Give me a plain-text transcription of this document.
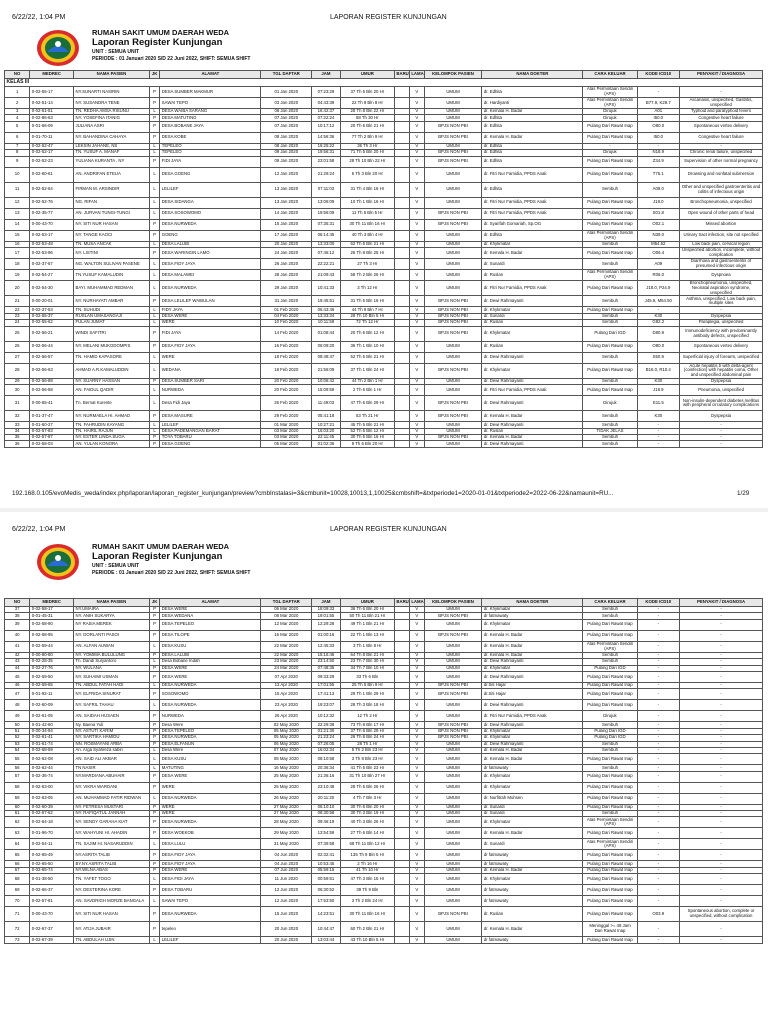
6/22/22, 1:04 PM	LAPORAN REGISTER KUNJUNGAN
RUMAH SAKIT UMUM DAERAH WEDA
Laporan Register Kunjungan
UNIT : SEMUA UNIT
PERIODE : 01 Januari 2020 S/D 22 Juni 2022, SHIFT: SEMUA SHIFT
NO	MEDREC	NAMA PASIEN	JK	ALAMAT	TGL DAFTAR	JAM	UMUR	BARU	LAMA	KELOMPOK PASIEN	NAMA DOKTER	CARA KELUAR	KODE ICD10	PENYAKIT / DIAGNOSA
KELAS III														
1	0-02-55-17	NY.SUNARTI NASIRIN	P	DESA SUMBER MAKMUR	01 Jan 2020	07:23:29	37 Th 6 Bln 20 Hr		V	UMUM	dr. Edhita	Atas Permintaan Sendiri (APS)	-	-
2	0-02-51-14	NY. SUSANDRA TENE	P	SAWAI TEPO	03 Jan 2020	04:43:39	22 Th 9 Bln 8 Hr		V	UMUM	dr. Hardiyanti	Atas Permintaan Sendiri (APS)	B77.9, K29.7	Ascariasis, unspecified, Gastritis, unspecified
3	0-02-51-51	TN. REDHA AMSA RISUNU	L	DESA WAIBA SARANG	06 Jan 2020	16:42:37	28 Th 8 Bln 22 Hr		V	UMUM	dr. Kemala H. Badar	Dirujuk	A01	Typhoid and paratyphoid fevers
4	0-02-86-63	NY. YOSEFINA ITANIG	P	DESA MATUTING	07 Jan 2020	07:22:24	58 Th 30 Hr		V	UMUM	dr. Edhita	Dirujuk	I50.0	Congestive heart failure
5	0-01-66-09	JULIANA ASRI	P	DESA BOBANE JAYA	07 Jan 2020	10:17:12	20 Th 6 Bln 21 Hr		V	BPJS NON PBI	dr. Edhita	Pulang Dari Rawat Inap	O80.0	Spontaneous vertex delivery
6	0-01-70-11	NY. BAHANDINA CAHAYA	P	DESA KOBE	08 Jan 2020	14:56:36	77 Th 2 Bln 9 Hr		V	BPJS NON PBI	dr. Kemala H. Badar	Pulang Dari Rawat Inap	I50.0	Congestive heart failure
7	0-02-52-47	LEKSIN JAHANE, NS	L	TEPELEO	08 Jan 2020	16:25:22	36 Th 3 Hr		V	UMUM	dr. Edhita	-	-	-
8	0-02-52-17	TN. YUSUF A. MANAF	L	TEPELEO	09 Jan 2020	19:56:31	71 Th 5 Bln 20 Hr		V	BPJS NON PBI	dr. Edhita	Dirujuk	N18.9	Chronic renal failure, unspecified
9	0-02-52-23	YULIANA KURANTA . NY	P	FIDI JAYA	09 Jan 2020	23:01:58	28 Th 10 Bln 22 Hr		V	BPJS NON PBI	dr. Edhita	Pulang Dari Rawat Inap	Z34.9	Supervision of other normal pregnancy
10	0-02-60-61	AN. ANDRIFAN ETEUA	L	DESA GOENG	12 Jan 2020	21:29:24	6 Th 3 Bln 20 Hr		V	UMUM	dr. Fitri Nur Farnidia, PPDS Anak	Pulang Dari Rawat Inap	T75.1	Drowning and nonfatal submersion
11	0-02-52-64	FIRMAN M. ARSINDIR	L	LELILEF	13 Jan 2020	07:11:03	31 Th 4 Bln 16 Hr		V	UMUM	dr. Edhita	Sembuh	A09.0	Other and unspecified gastroenteritis and colitis of infectious origin
12	0-02-52-76	NG. RIFAN	L	DESA SIDANGA	13 Jan 2020	13:06:09	10 Th 1 Bln 16 Hr		V	UMUM	dr. Fitri Nur Farnidia, PPDS Anak	Pulang Dari Rawat Inap	J18.0	Bronchopneumonia, unspecified
13	0-02-35-77	AN. JURVAN TUNGI-TUNGI	L	DESA SOSOWOMO	14 Jan 2020	19:56:09	11 Th 5 Bln 5 Hr		V	BPJS NON PBI	dr. Fitri Nur Farnidia, PPDS Anak	Pulang Dari Rawat Inap	S01.8	Open wound of other parts of head
14	0-00-43-70	NY. SITI NUR HASAN	P	DESA NURWEDA	15 Jan 2020	07:35:31	30 Th 11 Bln 16 Hr		V	BPJS NON PBI	dr. Syarifah Gomariah, Sp.OG	Pulang Dari Rawat Inap	O02.1	Missed abortion
15	0-02-53-17	NY. TANGE KAOCI	P	GOENG	17 Jan 2020	06:14:45	40 Th 3 Bln 4 Hr		V	UMUM	dr. Edhita	Atas Permintaan Sendiri (APS)	N39.0	Urinary tract infection, site not specified
16	0-02-53-48	TN. MUSA ANCAK	L	DESA LALUBI	20 Jan 2020	13:33:00	62 Th 6 Bln 21 Hr		V	UMUM	dr. Khykmatar	Sembuh	M54.52	Low back pain, cervical region
17	0-02-53-96	NY. LISTINI	P	DESA WARINGIN LAMO	24 Jan 2020	07:46:12	26 Th 8 Bln 25 Hr		V	UMUM	dr. Kemala H. Badar	Pulang Dari Rawat Inap	O06.4	Unspecified abortion, incomplete, without complication
18	0-02-37-67	NG. WALTON SULIVAN PASENE	L	DESA FIDY JAYA	26 Jan 2020	22:22:21	27 Th 3 Hr		V	UMUM	dr. Sunardi	Sembuh	A09	Diarrhoea and gastroenteritis of presumed infectious origin
19	0-02-54-27	TN.YUSUF KAMALUDIN	L	DESA MALAWEI	28 Jan 2020	21:09:43	58 Th 2 Bln 26 Hr		V	UMUM	dr. Ruslan	Atas Permintaan Sendiri (APS)	R06.0	Dyspnoea
20	0-02-54-30	BAYI. MUHAMMAD REDMAN	L	DESA NURWEDA	29 Jan 2020	10:41:33	3 Th 12 Hr		V	UMUM	dr. Fitri Nur Farnidia, PPDS Anak	Pulang Dari Rawat Inap	J18.0, P24.9	Bronchopneumonia, unspecified, Neonatal aspiration syndrome, unspecified
21	0-00-20-01	NY. NURHAYATI AMBAR	P	DESA LELILEF WAIBULAN	31 Jan 2020	19:45:51	31 Th 5 Bln 16 Hr		V	BPJS NON PBI	dr. Dewi Rahmayanti	Sembuh	J45.9, M54.50	Asthma, unspecified, Low back pain, multiple sites
22	0-02-37-53	TN. SUHUDI	L	FIDY JAYA	01 Feb 2020	06:43:46	44 Th 9 Bln 7 Hr		V	BPJS NON PBI	dr. Khykmatar	Pulang Dari Rawat Inap	-	-
23	0-02-55-37	RUSLAN UMASANGAJI	L	DESA WERE	04 Feb 2020	13:33:34	28 Th 10 Bln 5 Hr		V	BPJS NON PBI	dr. Sunardi	Sembuh	K30	Dyspepsia
24	0-02-55-62	FULAN JUMAT	L	WERE	10 Feb 2020	10:11:59	72 Th 12 Hr		V	BPJS NON PBI	dr. Ruslan	Sembuh	G82.2	Paraplegia, unspecified
25	0-02-56-21	WINDI SAFITRI	P	FIDI JAYA	14 Feb 2020	01:08:44	20 Th 6 Bln 12 Hr		V	BPJS NON PBI	dr. Khykmatar	Pulang Dari IGD	D80.9	Immunodeficiency with predominantly antibody defects, unspecified
26	0-02-56-44	NY. MELANI MUKODOMPIS	P	DESA FIDY JAYA	16 Feb 2020	06:09:20	36 Th 1 Bln 10 Hr		V	UMUM	dr. Ruslan	Pulang Dari Rawat Inap	O80.0	Spontaneous vertex delivery
27	0-02-56-57	TN. HAMID KAPASORE	L	WERE	18 Feb 2020	08:48:47	52 Th 5 Bln 21 Hr		V	UMUM	dr. Dewi Rahmayanti	Sembuh	S50.9	Superficial injury of forearm, unspecified
28	0-02-56-63	AHMAD A.R.KAMALUDDIN	L	WEDANA	18 Feb 2020	21:56:09	37 Th 1 Bln 24 Hr		V	BPJS NON PBI	dr. Khykmatar	Pulang Dari Rawat Inap	B16.0, R10.4	Acute hepatitis b with delta-agent (coinfection) with hepatitis coma, Other and unspecified abdominal pain
29	0-02-56-88	NY. SUARNY HASSAN	P	DESA SUMBER SARI	20 Feb 2020	10:06:42	44 Th 2 Bln 1 Hr		V	UMUM	dr. Dewi Rahmayanti	Sembuh	K30	Dyspepsia
30	0-02-56-58	AN. FAIDUL QADIR	L	NURWEDA	20 Feb 2020	15:09:59	2 Th 6 Bln 1 Hr		V	UMUM	dr. Fitri Nur Farnidia, PPDS Anak	Pulang Dari Rawat Inap	J18.9	Pneumonia, unspecified
31	0-00-65-41	Tn. Bernat Kurente	L	Desa Fidi Jaya	26 Feb 2020	11:49:03	47 Th 6 Bln 29 Hr		V	BPJS NON PBI	dr. Dewi Rahmayanti	Dirujuk	E11.5	Non-insulin-dependent diabetes mellitus with peripheral circulatory complications
32	0-01-37-47	NY. NURMAELA HI. AHMAD	P	DESA MASURE	29 Feb 2020	05:41:18	53 Th 21 Hr		V	BPJS NON PBI	dr. Kemala H. Badar	Sembuh	K30	Dyspepsia
33	0-01-60-27	TN. FAHRUDIN KAYANG	L	LELILEF	01 Mar 2020	10:27:21	45 Th 5 Bln 21 Hr		V	UMUM	dr. Dewi Rahmayanti	Sembuh	-	-
34	0-02-57-83	TN. HAIRIL RAJUN	L	DESA PADEMANGAN BARAT	03 Mar 2020	16:03:20	52 Th 5 Bln 12 Hr		V	UMUM	dr. Ruslan	TIDAK JELAS	-	-
35	0-02-57-87	NY. ESTER LINDA SUGA	P	TOYA TOBARU	03 Mar 2020	22:11:45	30 Th 5 Bln 16 Hr		V	BPJS NON PBI	dr. Kemala H. Badar	Sembuh	-	-
36	0-02-58-03	AN. YULAN KONORA	P	DESA GOENG	05 Mar 2020	01:02:36	9 Th 6 Bln 20 Hr		V	UMUM	dr. Dewi Rahmayanti	Sembuh	-	-
192.168.0.105/evoMedis_weda/index.php/laporan/laporan_register_kunjungan/preview?cmbInstalasi=3&cmbunit=10028,10013,1,10025&cmbshift=&txtperiode1=2020-01-01&txtperiode2=2022-06-22&namaunit=RU...	1/29
6/22/22, 1:04 PM	LAPORAN REGISTER KUNJUNGAN
RUMAH SAKIT UMUM DAERAH WEDA
Laporan Register Kunjungan
UNIT : SEMUA UNIT
PERIODE : 01 Januari 2020 S/D 22 Juni 2022, SHIFT: SEMUA SHIFT
NO	MEDREC	NAMA PASIEN	JK	ALAMAT	TGL DAFTAR	JAM	UMUR	BARU	LAMA	KELOMPOK PASIEN	NAMA DOKTER	CARA KELUAR	KODE ICD10	PENYAKIT / DIAGNOSA
37	0-02-58-17	NY.UMAIRA	P	DESA WERE	06 Mar 2020	18:09:33	36 Th 6 Bln 20 Hr		V	UMUM	dr. Khykmatar	Sembuh	-	-
38	0-01-45-31	NY. ANIH SUKARYA	P	DESA WEDANA	08 Mar 2020	19:01:55	50 Th 11 Bln 21 Hr		V	BPJS NON PBI	dr fatmawaty	Sembuh	-	-
39	0-02-58-90	NY RASIA MEREK	P	DESA TEPELEO	12 Mar 2020	12:29:28	49 Th 1 Bln 21 Hr		V	UMUM	dr. Khykmatar	Pulang Dari Rawat Inap	-	-
40	0-02-58-95	NY. DORLANTI PASOI	P	DESA TILOPE	16 Mar 2020	01:00:16	22 Th 1 Bln 13 Hr		V	BPJS NON PBI	dr. Kemala H. Badar	Pulang Dari Rawat Inap	-	-
41	0-02-59-44	AN. ALFAN AUWAN	L	DESA KUSU	22 Mar 2020	12:45:33	3 Th 1 Bln 8 Hr		V	UMUM	dr. Kemala H. Badar	Atas Permintaan Sendiri (APS)	-	-
42	0-00-80-80	NY. YOMIMA BULULUNG	P	DESA LALUBI	22 Mar 2020	15:16:46	64 Th 8 Bln 21 Hr		V	UMUM	dr. Kemala H. Badar	Sembuh	-	-
43	0-02-28-35	Tn. Dandi Suryantoro	L	Desa Bobane Indah	23 Mar 2020	23:14:50	23 Th 7 Bln 30 Hr		V	UMUM	dr. Dewi Rahmayanti	Sembuh	-	-
44	0-02-27-76	NY. WULANA	P	DESA WERE	24 Mar 2020	07:48:35	34 Th 7 Bln 10 Hr		V	UMUM	dr. Khykmatar	Pulang Dari IGD	-	-
45	0-02-59-50	NY. SUHAIMI USMAN	P	DESA WERE	07 Apr 2020	09:33:29	33 Th 6 Bln		V	UMUM	dr. Dewi Rahmayanti	Pulang Dari Rawat Inap	-	-
46	0-02-59-65	TN. ABDUL FATAH HADI	L	DESA NURWEDA	13 Apr 2020	17:01:55	25 Th 5 Bln 9 Hr		V	BPJS NON PBI	dr.Siti Hajar	Pulang Dari Rawat Inap	-	-
47	0-01-92-11	NY. ELFRIDA SINURAT	P	SOSOWOMO	15 Apr 2020	17:41:13	29 Th 1 Bln 29 Hr		V	BPJS NON PBI	dr.Siti Hajar	Pulang Dari Rawat Inap	-	-
48	0-02-60-09	NY. SAFRIL TAHAU	L	DESA NURWEDA	23 Apr 2020	19:23:07	28 Th 3 Bln 18 Hr		V	UMUM	dr. Dewi Rahmayanti	Pulang Dari Rawat Inap	-	-
49	0-02-61-05	AN. SAIDAH HUSAEN	P	NURWEDA	26 Apr 2020	10:12:32	12 Th 2 Hr		V	UMUM	dr. Fitri Nur Farnidia, PPDS Anak	Dirujuk	-	-
50	0-01-42-60	Ny. Baena Yuli	P	Desa Were	02 May 2020	22:29:38	73 Th 8 Bln 17 Hr		V	BPJS NON PBI	dr. Dewi Rahmayanti	Sembuh	-	-
51	0-00-34-94	NY. ASTUTI KARIM	P	DESA TEPELEO	05 May 2020	01:21:30	37 Th 6 Bln 29 Hr		V	BPJS NON PBI	dr. Khykmatar	Pulang Dari IGD	-	-
52	0-02-61-41	NY. SARTIKA HAMIDU	P	DESA NURWEDA	05 May 2020	21:23:24	26 Th 8 Bln 24 Hr		V	BPJS NON PBI	dr. Khykmatar	Pulang Dari IGD	-	-
53	0-01-61-74	NN. ROSMAYANI ARBA	P	DESA ELFANUN	06 May 2020	07:26:05	28 Th 1 Hr		V	UMUM	dr. Dewi Rahmayanti	Sembuh	-	-
54	0-02-68-59	An. Arga Syahreza sabin	L	Desa Were	07 May 2020	16:02:34	5 Th 2 Bln 23 Hr		V	UMUM	dr. Kemala H. Badar	Sembuh	-	-
55	0-02-62-08	AN. SAID ALI AKBAR	L	DESA KUSU	08 May 2020	08:10:58	3 Th 8 Bln 23 Hr		V	UMUM	dr. Kemala H. Badar	Pulang Dari Rawat Inap	-	-
56	0-02-62-44	TN NASIR	L	MATUTING	16 May 2020	20:36:34	41 Th 5 Bln 23 Hr		V	UMUM	dr fatmawaty	Sembuh	-	-
57	0-02-36-74	NY.MARDIANA ABUHAIR	P	DESA WERE	25 May 2020	21:36:16	31 Th 10 Bln 27 Hr		V	UMUM	dr. Khykmatar	Pulang Dari Rawat Inap	-	-
58	0-02-63-00	NY. VIKRA WARDANI	P	WERE	25 May 2020	23:10:48	28 Th 5 Bln 26 Hr		V	UMUM	dr. Khykmatar	Pulang Dari Rawat Inap	-	-
59	0-02-63-05	AN. MUHAMMAD FATIR RIDWAN	L	DESA NURWEDA	26 May 2020	20:11:20	4 Th 7 Bln 3 Hr		V	UMUM	dr. Nurfitrah Muhsen	Pulang Dari Rawat Inap	-	-
60	0-02-60-39	NY. FETRESA MUSTARI	P	WERE	27 May 2020	06:10:10	30 Th 6 Bln 20 Hr		V	UMUM	dr. Sunardi	Pulang Dari Rawat Inap	-	-
61	0-02-67-62	NY. RAFIQATUL JANNAH	P	WERE	27 May 2020	08:30:58	30 Th 3 Bln 19 Hr		V	UMUM	dr. Sunardi	Sembuh	-	-
62	0-02-64-18	NY. SENDY GARAHA KIAT	P	DESA NURWEDA	28 May 2020	09:46:19	40 Th 3 Bln 26 Hr		V	UMUM	dr. Khykmatar	Atas Permintaan Sendiri (APS)	-	-
63	0-01-96-70	NY. WAHYUNI HI. AHADIN	P	DESA WOEKOB	29 May 2020	13:54:59	27 Th 6 Bln 14 Hr		V	UMUM	dr. Kemala H. Badar	Pulang Dari Rawat Inap	-	-
64	0-02-54-11	TN. SAJIM HI. NASARUDDIN	L	DESA LULU	31 May 2020	07:39:58	68 Th 11 Bln 12 Hr		V	UMUM	dr. Sunardi	Atas Permintaan Sendiri (APS)	-	-
65	0-02-65-49	NY.ASRITA TALIB	P	DESA FIDY JAYA	04 Jun 2020	02:32:41	135 Th 9 Bln 5 Hr		V	UMUM	dr fatmawaty	Pulang Dari Rawat Inap	-	-
66	0-02-65-50	BY.NY.ASRITA TALIB	P	DESA FIDY JAYA	04 Jun 2020	10:53:45	2 Th 16 Hr		V	UMUM	dr fatmawaty	Pulang Dari Rawat Inap	-	-
67	0-02-65-74	NY.WILNA ABAS	P	DESA WERE	07 Jun 2020	05:59:15	41 Th 10 Hr		V	UMUM	dr. Kemala H. Badar	Pulang Dari Rawat Inap	-	-
68	0-01-38-50	TN. YAFET TOGO	L	DESA FIDI JAYA	11 Jun 2020	00:59:51	47 Th 3 Bln 15 Hr		V	UMUM	dr. Khykmatar	Pulang Dari Rawat Inap	-	-
69	0-02-66-37	NY. DESTERINA KORE	P	DESA TOBARU	12 Jun 2020	06:30:52	39 Th 9 Bln		V	UMUM	dr fatmawaty	Pulang Dari Rawat Inap	-	-
70	0-02-57-81	AN. SAVDRIGH MORZE BANGALA	L	SAWAI TEPO	12 Jun 2020	17:53:50	3 Th 2 Bln 24 Hr		V	UMUM	dr fatmawaty	Pulang Dari Rawat Inap	-	-
71	0-00-43-70	NY. SITI NUR HASAN	P	DESA NURWEDA	15 Jun 2020	14:23:51	30 Th 11 Bln 16 Hr		V	BPJS NON PBI	dr. Ruslan	Pulang Dari Rawat Inap	O03.9	Spontaneous abortion, complete or unspecified, without complication
72	0-02-67-37	NY. ATIJA JUBAIR	P	tepeleo	20 Jun 2020	10:44:47	60 Th 2 Bln 21 Hr		V	UMUM	dr. Kemala H. Badar	Meninggal >= 48 Jam Dari Rawat Inap	-	-
73	0-02-67-39	TN. ABDULAH UJIN	L	LELILEF	20 Jun 2020	13:03:44	43 Th 10 Bln 5 Hr		V	UMUM	dr fatmawaty	Pulang Dari Rawat Inap	-	-
